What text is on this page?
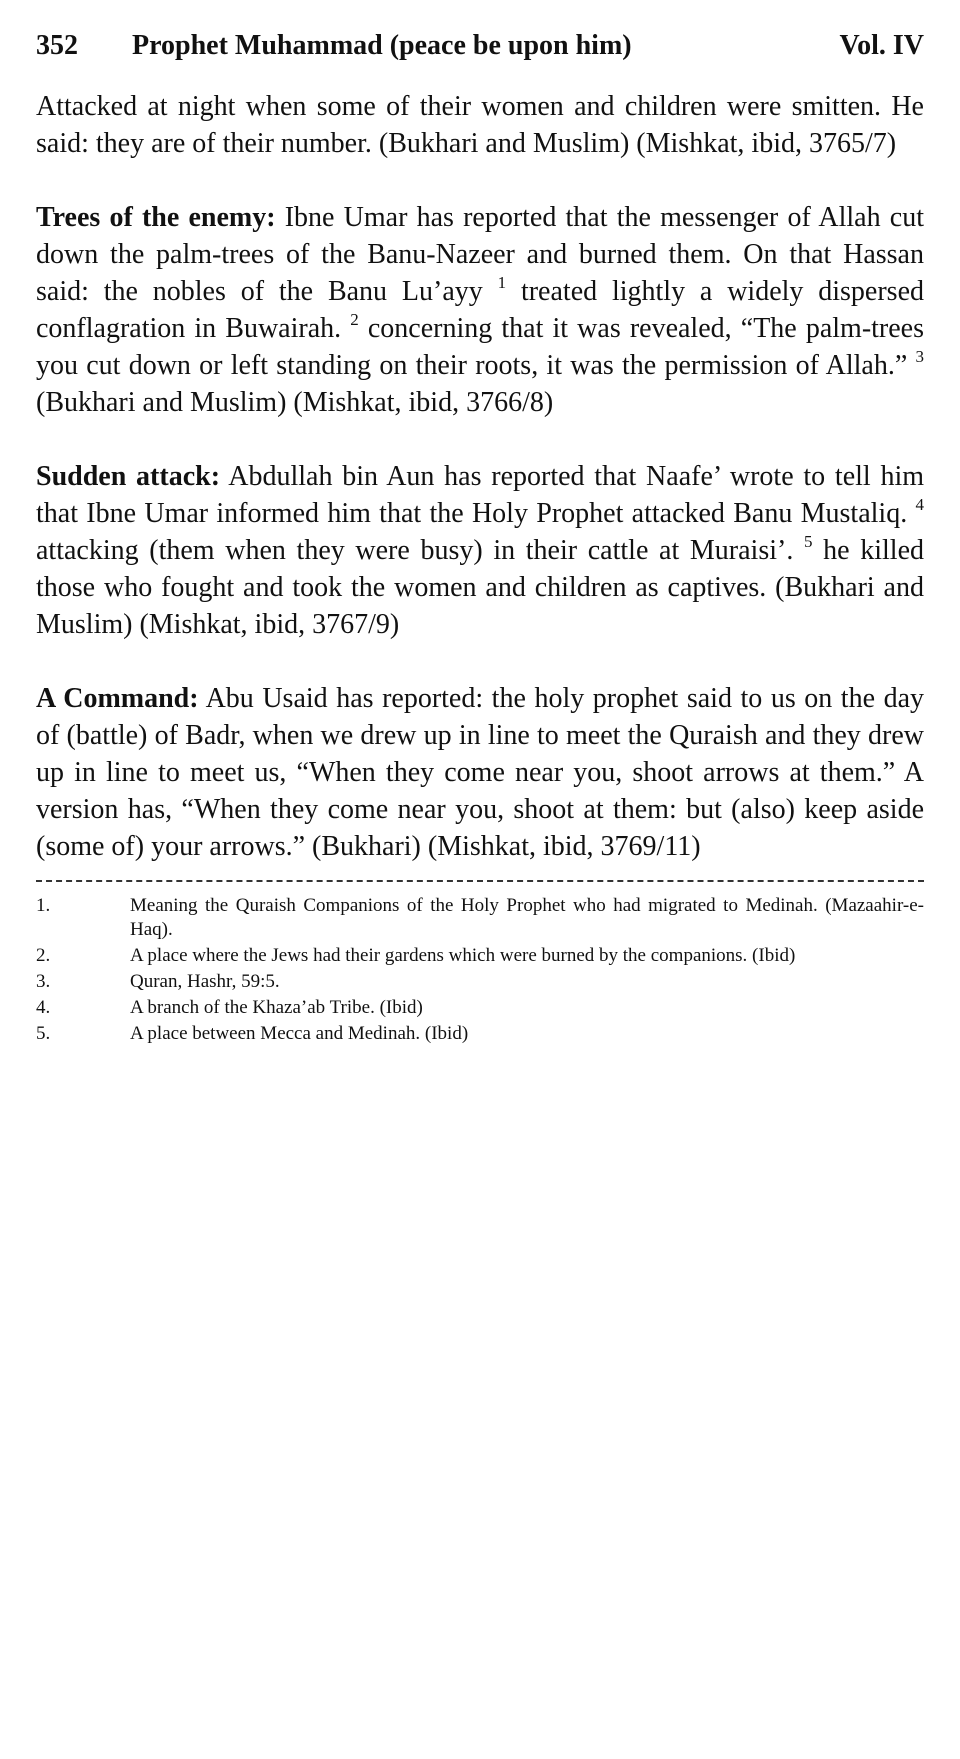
352	Prophet Muhammad (peace be upon him)	Vol. IV

Attacked at night when some of their women and children were smitten. He said: they are of their number. (Bukhari and Muslim) (Mishkat, ibid, 3765/7)

Trees of the enemy: Ibne Umar has reported that the messenger of Allah cut down the palm-trees of the Banu-Nazeer and burned them. On that Hassan said: the nobles of the Banu Lu’ayy $^1$ treated lightly a widely dispersed conflagration in Buwairah. $^2$ concerning that it was revealed, “The palm-trees you cut down or left standing on their roots, it was the permission of Allah.” $^3$ (Bukhari and Muslim) (Mishkat, ibid, 3766/8)

Sudden attack: Abdullah bin Aun has reported that Naafe’ wrote to tell him that Ibne Umar informed him that the Holy Prophet attacked Banu Mustaliq. $^4$ attacking (them when they were busy) in their cattle at Muraisi’. $^5$ he killed those who fought and took the women and children as captives. (Bukhari and Muslim) (Mishkat, ibid, 3767/9)

A Command: Abu Usaid has reported: the holy prophet said to us on the day of (battle) of Badr, when we drew up in line to meet the Quraish and they drew up in line to meet us, “When they come near you, shoot arrows at them.” A version has, “When they come near you, shoot at them: but (also) keep aside (some of) your arrows.” (Bukhari) (Mishkat, ibid, 3769/11)

1.	Meaning the Quraish Companions of the Holy Prophet who had migrated to Medinah. (Mazaahir-e-Haq).
2.	A place where the Jews had their gardens which were burned by the companions. (Ibid)
3.	Quran, Hashr, 59:5.
4.	A branch of the Khaza’ab Tribe. (Ibid)
5.	A place between Mecca and Medinah. (Ibid)
